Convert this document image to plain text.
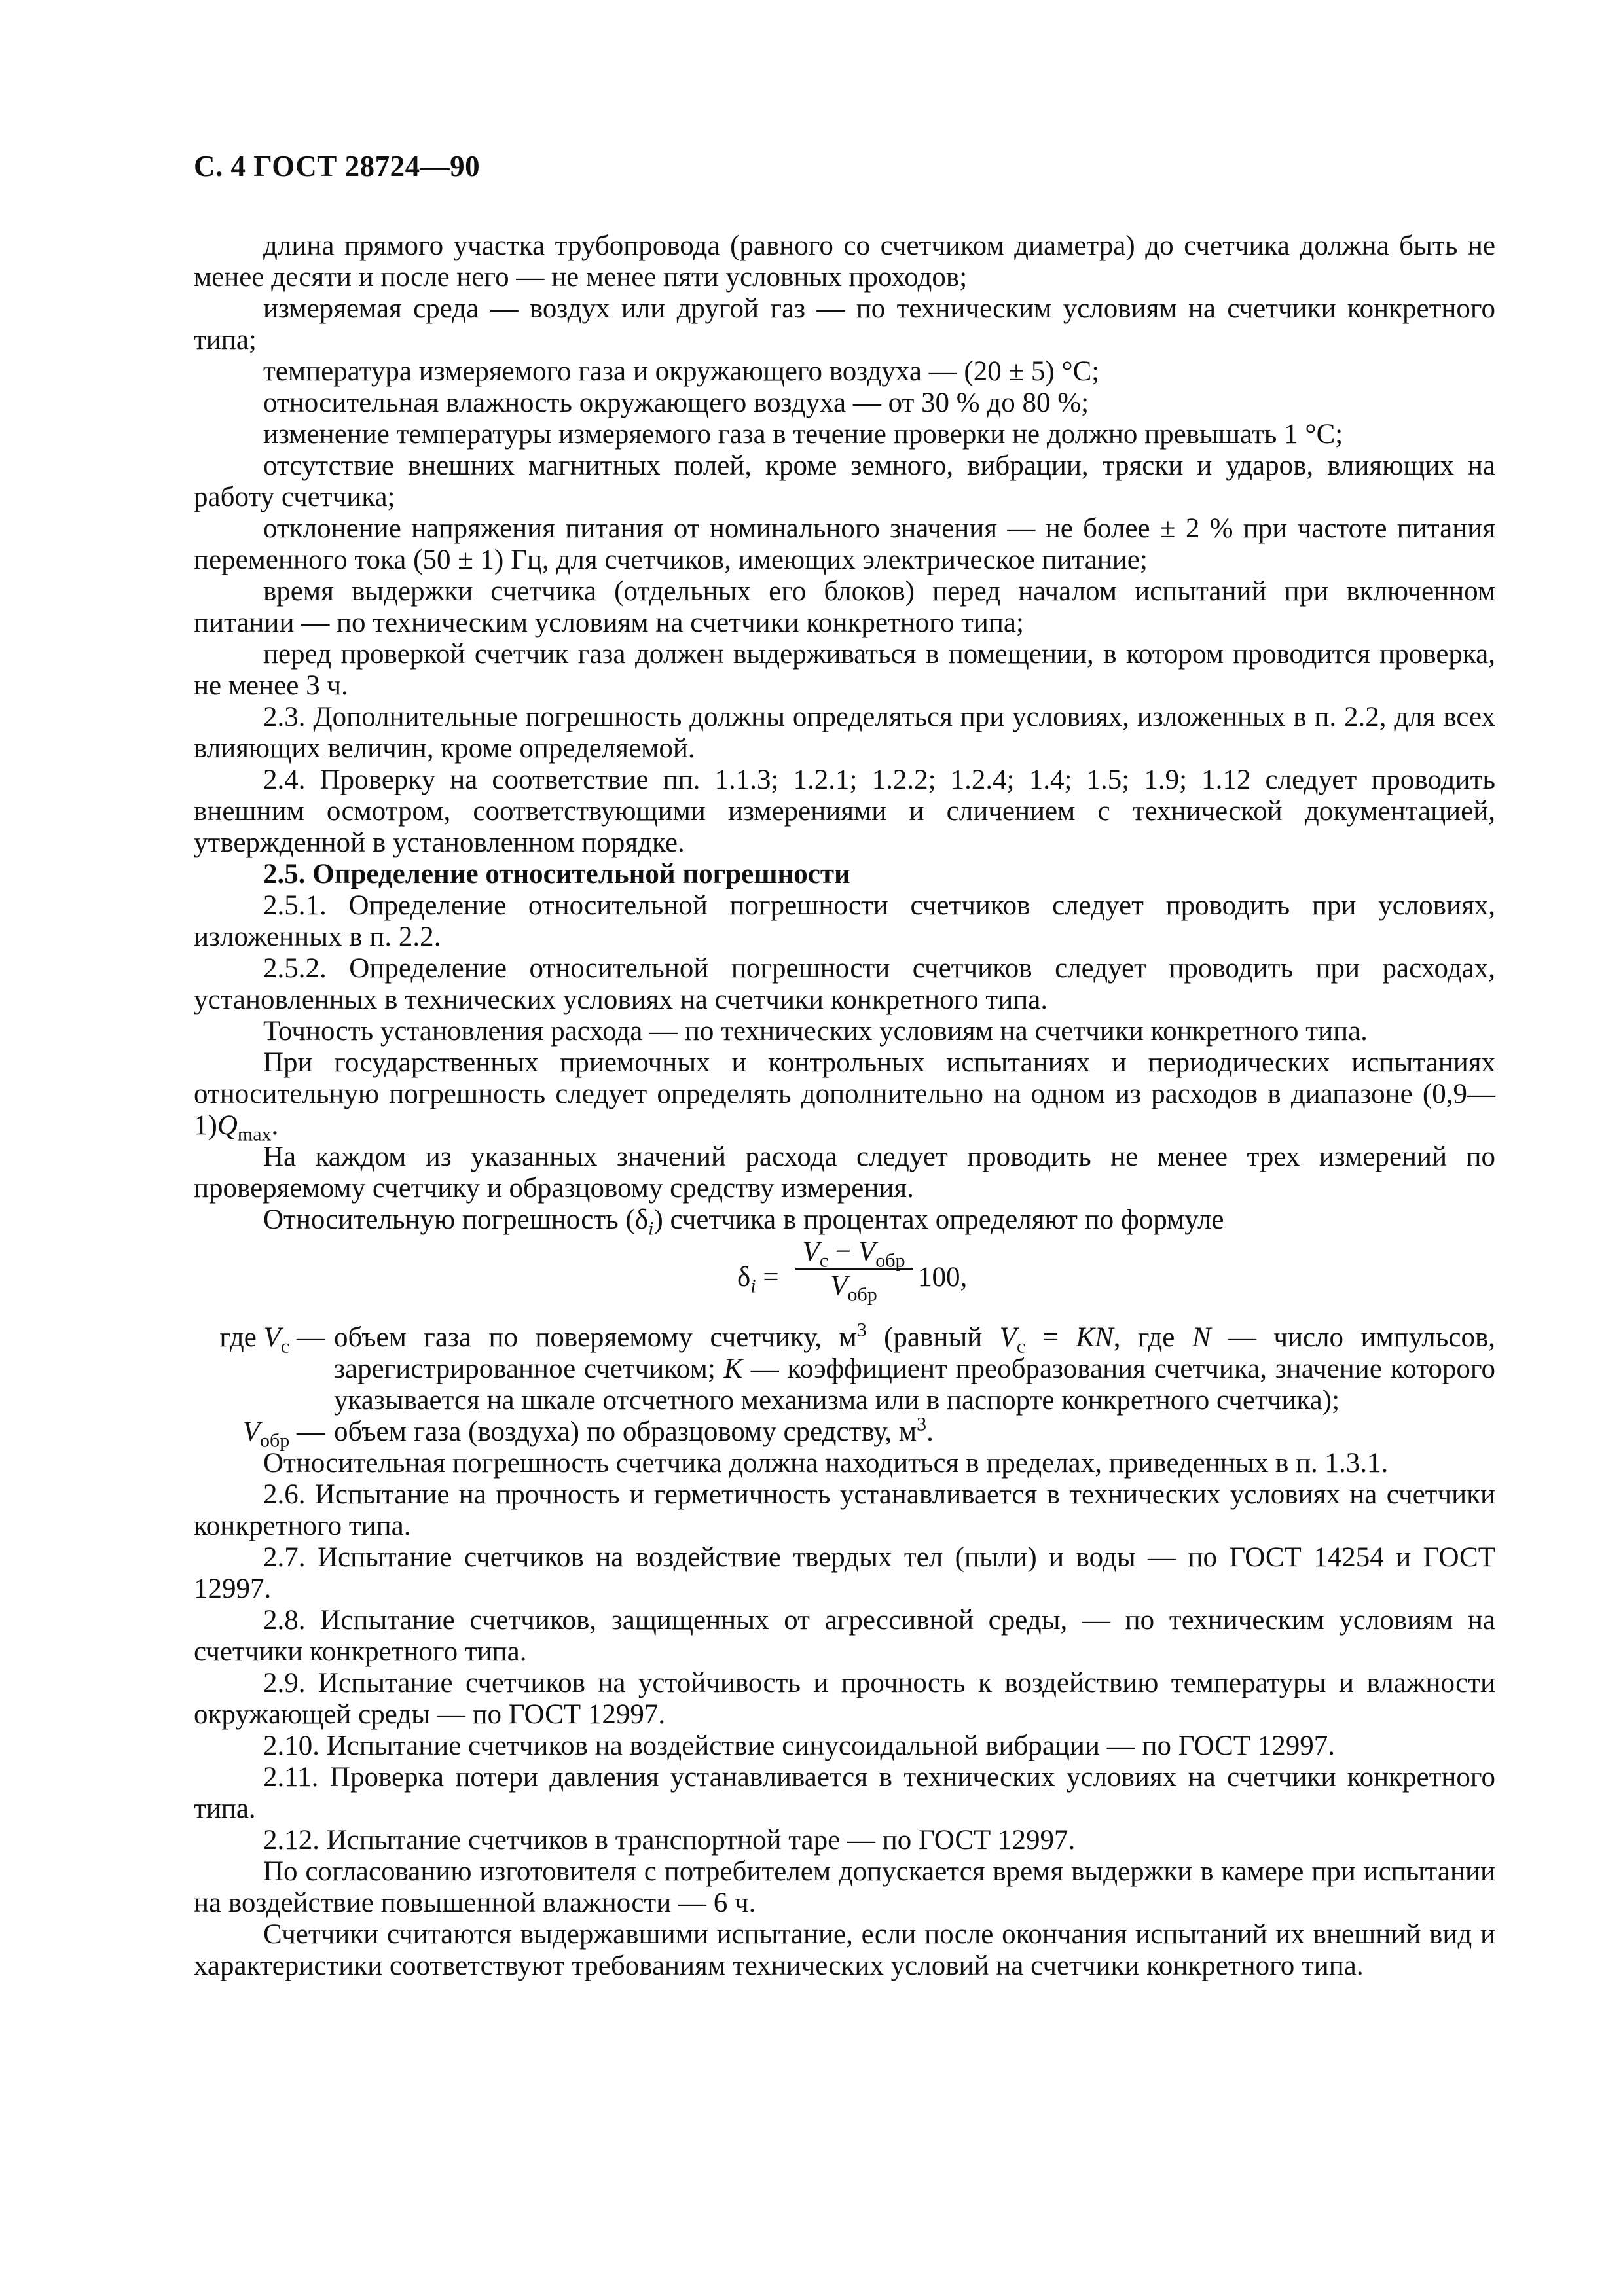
С. 4 ГОСТ 28724—90

длина прямого участка трубопровода (равного со счетчиком диаметра) до счетчика должна быть не менее десяти и после него — не менее пяти условных проходов;

измеряемая среда — воздух или другой газ — по техническим условиям на счетчики конкретного типа;

температура измеряемого газа и окружающего воздуха — (20 ± 5) °С;

относительная влажность окружающего воздуха — от 30 % до 80 %;

изменение температуры измеряемого газа в течение проверки не должно превышать 1 °С;

отсутствие внешних магнитных полей, кроме земного, вибрации, тряски и ударов, влияющих на работу счетчика;

отклонение напряжения питания от номинального значения — не более ± 2 % при частоте питания переменного тока (50 ± 1) Гц, для счетчиков, имеющих электрическое питание;

время выдержки счетчика (отдельных его блоков) перед началом испытаний при включенном питании — по техническим условиям на счетчики конкретного типа;

перед проверкой счетчик газа должен выдерживаться в помещении, в котором проводится проверка, не менее 3 ч.

2.3. Дополнительные погрешность должны определяться при условиях, изложенных в п. 2.2, для всех влияющих величин, кроме определяемой.

2.4. Проверку на соответствие пп. 1.1.3; 1.2.1; 1.2.2; 1.2.4; 1.4; 1.5; 1.9; 1.12 следует проводить внешним осмотром, соответствующими измерениями и сличением с технической документацией, утвержденной в установленном порядке.

2.5. Определение относительной погрешности

2.5.1. Определение относительной погрешности счетчиков следует проводить при условиях, изложенных в п. 2.2.

2.5.2. Определение относительной погрешности счетчиков следует проводить при расходах, установленных в технических условиях на счетчики конкретного типа.

Точность установления расхода — по технических условиям на счетчики конкретного типа.

При государственных приемочных и контрольных испытаниях и периодических испытаниях относительную погрешность следует определять дополнительно на одном из расходов в диапазоне $(0,9—1)Q_{max}$.

На каждом из указанных значений расхода следует проводить не менее трех измерений по проверяемому счетчику и образцовому средству измерения.

Относительную погрешность $(\delta_i)$ счетчика в процентах определяют по формуле

$\delta_i$ =
$V_с - V_{обр}$
$V_{обр}$
100,
где $V_с$ — объем газа по поверяемому счетчику, $м^3$ (равный $V_с$ = KN, где N — число импульсов, зарегистрированное счетчиком; K — коэффициент преобразования счетчика, значение которого указывается на шкале отсчетного механизма или в паспорте конкретного счетчика);
$V_{обр}$ — объем газа (воздуха) по образцовому средству, $м^3$.

Относительная погрешность счетчика должна находиться в пределах, приведенных в п. 1.3.1.

2.6. Испытание на прочность и герметичность устанавливается в технических условиях на счетчики конкретного типа.

2.7. Испытание счетчиков на воздействие твердых тел (пыли) и воды — по ГОСТ 14254 и ГОСТ 12997.

2.8. Испытание счетчиков, защищенных от агрессивной среды, — по техническим условиям на счетчики конкретного типа.

2.9. Испытание счетчиков на устойчивость и прочность к воздействию температуры и влажности окружающей среды — по ГОСТ 12997.

2.10. Испытание счетчиков на воздействие синусоидальной вибрации — по ГОСТ 12997.

2.11. Проверка потери давления устанавливается в технических условиях на счетчики конкретного типа.

2.12. Испытание счетчиков в транспортной таре — по ГОСТ 12997.

По согласованию изготовителя с потребителем допускается время выдержки в камере при испытании на воздействие повышенной влажности — 6 ч.

Счетчики считаются выдержавшими испытание, если после окончания испытаний их внешний вид и характеристики соответствуют требованиям технических условий на счетчики конкретного типа.
